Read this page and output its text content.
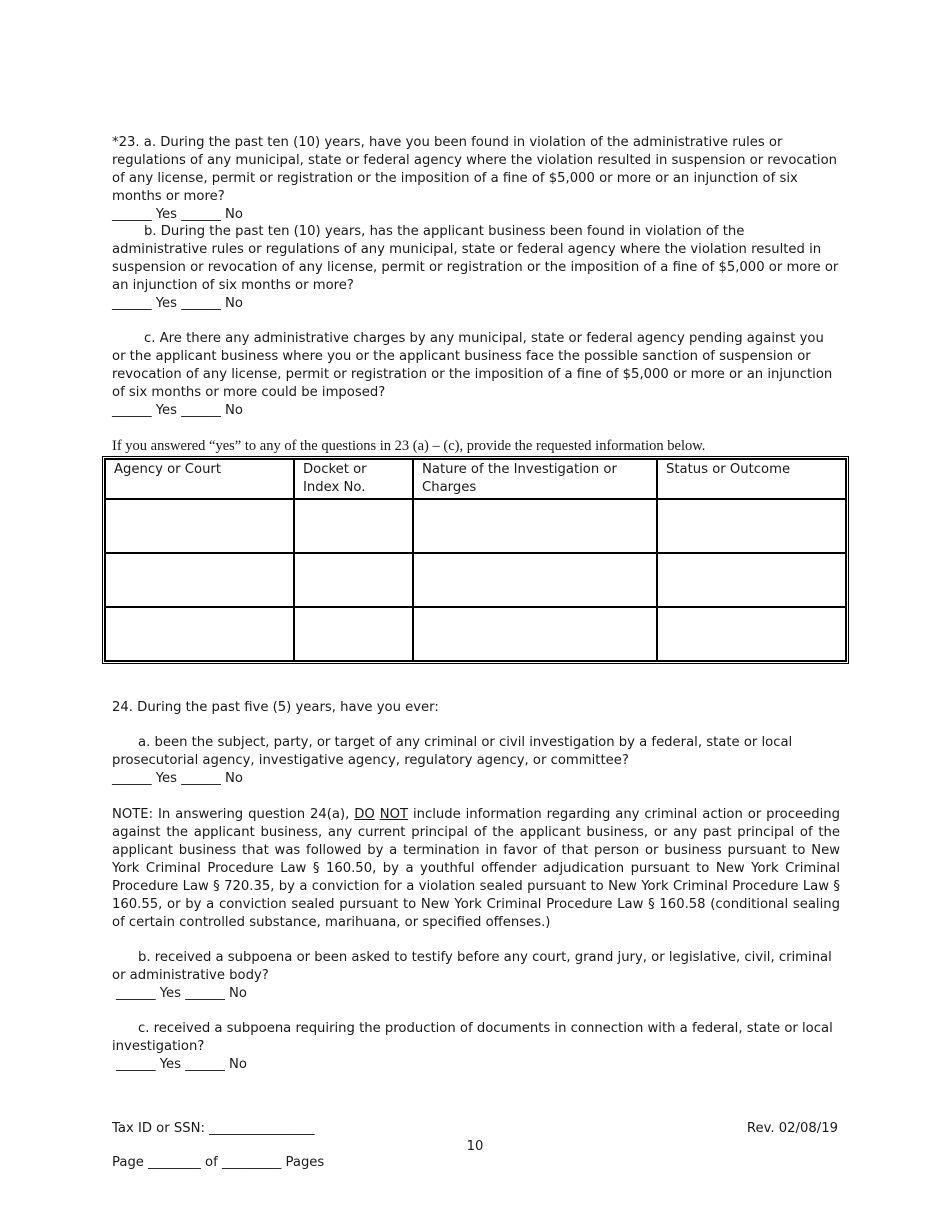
*23. a. During the past ten (10) years, have you been found in violation of the administrative rules or regulations of any municipal, state or federal agency where the violation resulted in suspension or revocation of any license, permit or registration or the imposition of a fine of $5,000 or more or an injunction of six months or more?
______ Yes ______ No
b. During the past ten (10) years, has the applicant business been found in violation of the administrative rules or regulations of any municipal, state or federal agency where the violation resulted in suspension or revocation of any license, permit or registration or the imposition of a fine of $5,000 or more or an injunction of six months or more?
______ Yes ______ No
c. Are there any administrative charges by any municipal, state or federal agency pending against you or the applicant business where you or the applicant business face the possible sanction of suspension or revocation of any license, permit or registration or the imposition of a fine of $5,000 or more or an injunction of six months or more could be imposed?
______ Yes ______ No
If you answered “yes” to any of the questions in 23 (a) – (c), provide the requested information below.
Agency or Court	Docket or Index No.	Nature of the Investigation or Charges	Status or Outcome

24. During the past five (5) years, have you ever:
a. been the subject, party, or target of any criminal or civil investigation by a federal, state or local prosecutorial agency, investigative agency, regulatory agency, or committee?
______ Yes ______ No
NOTE: In answering question 24(a), DO NOT include information regarding any criminal action or proceeding against the applicant business, any current principal of the applicant business, or any past principal of the applicant business that was followed by a termination in favor of that person or business pursuant to New York Criminal Procedure Law § 160.50, by a youthful offender adjudication pursuant to New York Criminal Procedure Law § 720.35, by a conviction for a violation sealed pursuant to New York Criminal Procedure Law § 160.55, or by a conviction sealed pursuant to New York Criminal Procedure Law § 160.58 (conditional sealing of certain controlled substance, marihuana, or specified offenses.)
b. received a subpoena or been asked to testify before any court, grand jury, or legislative, civil, criminal or administrative body?
______ Yes ______ No
c. received a subpoena requiring the production of documents in connection with a federal, state or local investigation?
______ Yes ______ No
Tax ID or SSN: ________________	Rev. 02/08/19
10
Page ________ of _________ Pages
